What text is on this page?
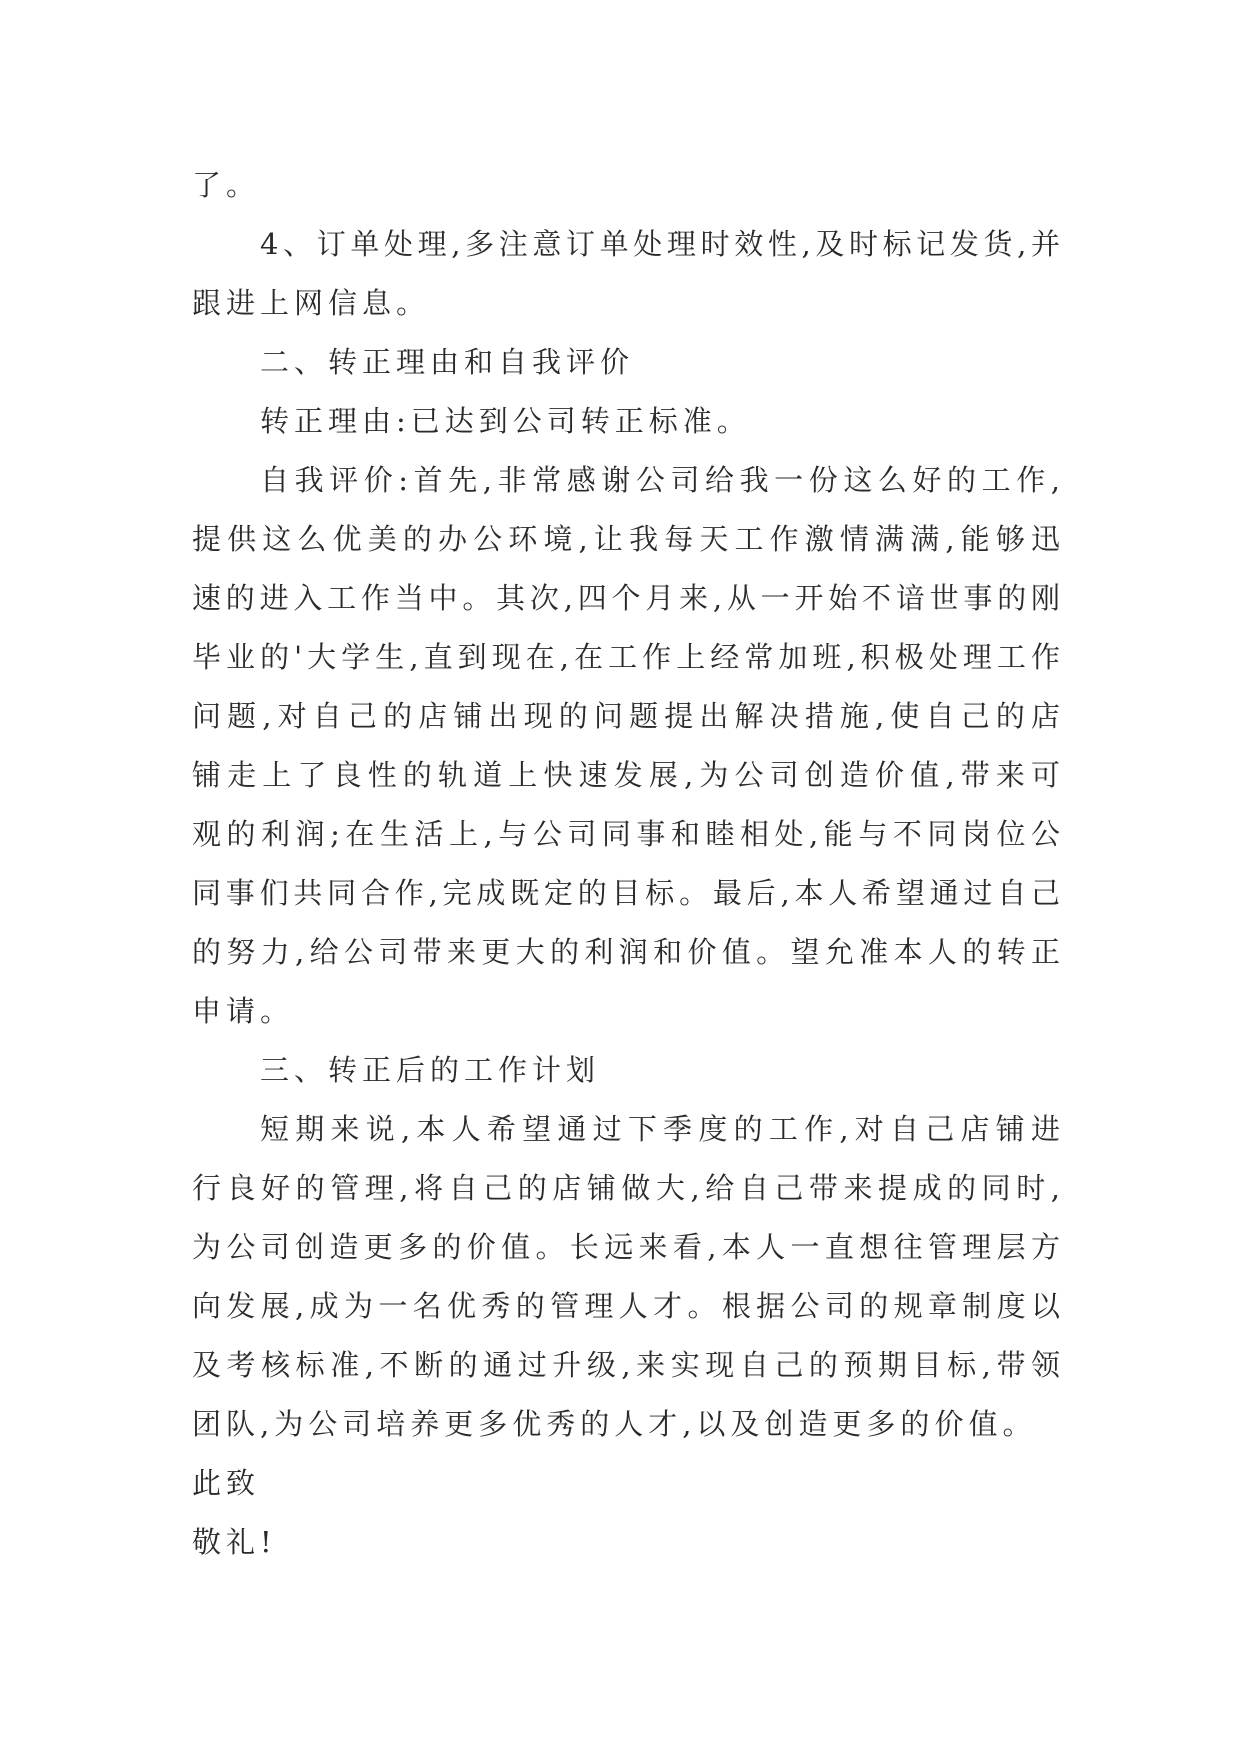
了。
4、订单处理,多注意订单处理时效性,及时标记发货,并
跟进上网信息。
二、转正理由和自我评价
转正理由:已达到公司转正标准。
自我评价:首先,非常感谢公司给我一份这么好的工作,
提供这么优美的办公环境,让我每天工作激情满满,能够迅
速的进入工作当中。其次,四个月来,从一开始不谙世事的刚
毕业的'大学生,直到现在,在工作上经常加班,积极处理工作
问题,对自己的店铺出现的问题提出解决措施,使自己的店
铺走上了良性的轨道上快速发展,为公司创造价值,带来可
观的利润;在生活上,与公司同事和睦相处,能与不同岗位公
同事们共同合作,完成既定的目标。最后,本人希望通过自己
的努力,给公司带来更大的利润和价值。望允准本人的转正
申请。
三、转正后的工作计划
短期来说,本人希望通过下季度的工作,对自己店铺进
行良好的管理,将自己的店铺做大,给自己带来提成的同时,
为公司创造更多的价值。长远来看,本人一直想往管理层方
向发展,成为一名优秀的管理人才。根据公司的规章制度以
及考核标准,不断的通过升级,来实现自己的预期目标,带领
团队,为公司培养更多优秀的人才,以及创造更多的价值。
此致
敬礼!
